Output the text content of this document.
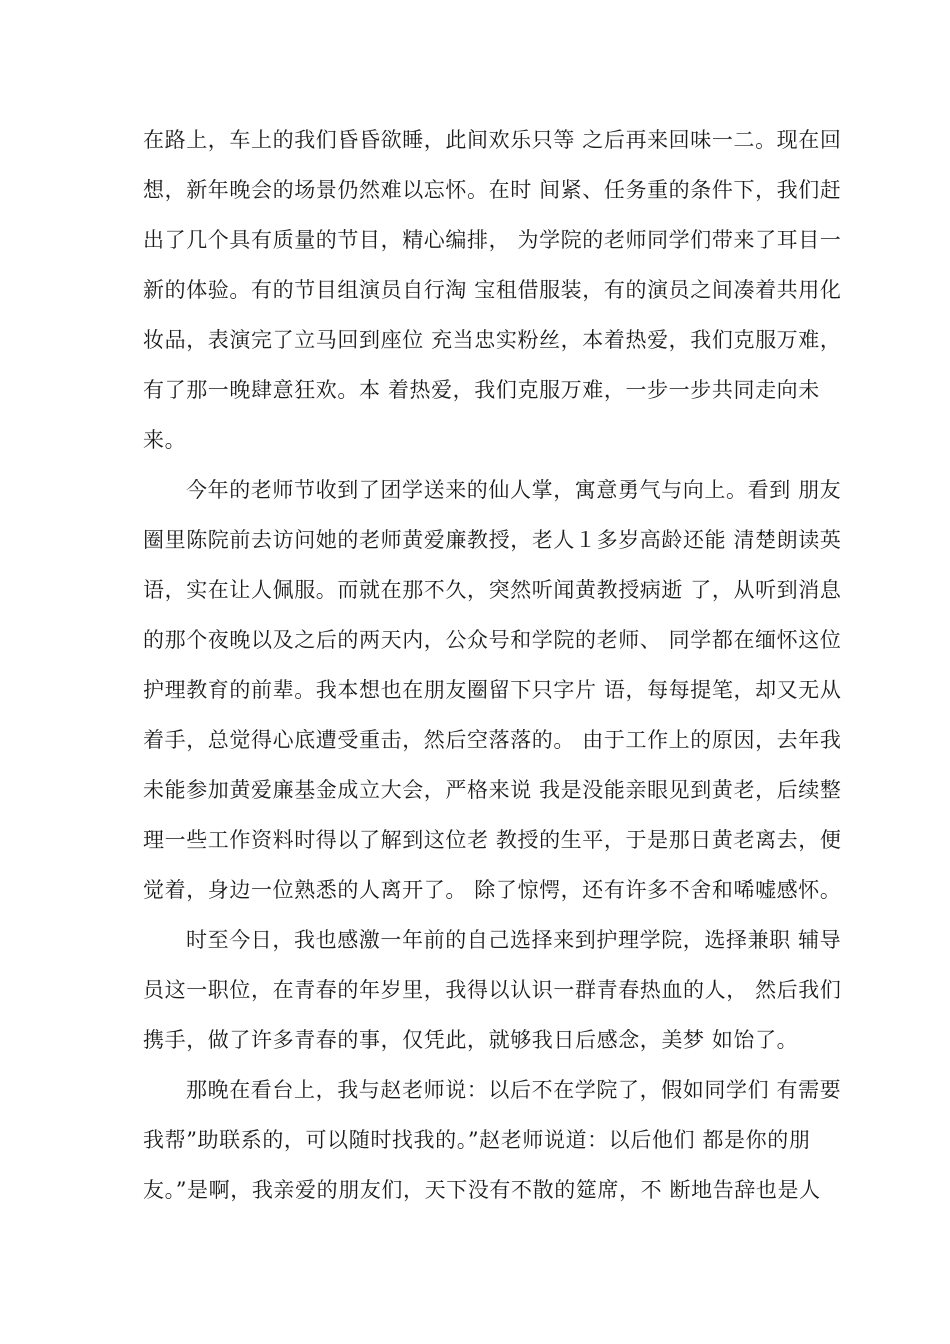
在路上，车上的我们昏昏欲睡，此间欢乐只等 之后再来回味一二。现在回
想，新年晚会的场景仍然难以忘怀。在时 间紧、任务重的条件下，我们赶
出了几个具有质量的节目，精心编排， 为学院的老师同学们带来了耳目一
新的体验。有的节目组演员自行淘 宝租借服装，有的演员之间凑着共用化
妆品，表演完了立马回到座位 充当忠实粉丝，本着热爱，我们克服万难，
有了那一晚肆意狂欢。本 着热爱，我们克服万难，一步一步共同走向未
来。
今年的老师节收到了团学送来的仙人掌，寓意勇气与向上。看到 朋友
圈里陈院前去访问她的老师黄爱廉教授，老人１多岁高龄还能 清楚朗读英
语，实在让人佩服。而就在那不久，突然听闻黄教授病逝 了，从听到消息
的那个夜晚以及之后的两天内，公众号和学院的老师、 同学都在缅怀这位
护理教育的前辈。我本想也在朋友圈留下只字片 语，每每提笔，却又无从
着手，总觉得心底遭受重击，然后空落落的。 由于工作上的原因，去年我
未能参加黄爱廉基金成立大会，严格来说 我是没能亲眼见到黄老，后续整
理一些工作资料时得以了解到这位老 教授的生平，于是那日黄老离去，便
觉着，身边一位熟悉的人离开了。 除了惊愕，还有许多不舍和唏嘘感怀。
时至今日，我也感激一年前的自己选择来到护理学院，选择兼职 辅导
员这一职位，在青春的年岁里，我得以认识一群青春热血的人， 然后我们
携手，做了许多青春的事，仅凭此，就够我日后感念，美梦 如饴了。
那晚在看台上，我与赵老师说：以后不在学院了，假如同学们 有需要
我帮”助联系的，可以随时找我的。”赵老师说道：以后他们 都是你的朋
友。”是啊，我亲爱的朋友们，天下没有不散的筵席，不 断地告辞也是人
